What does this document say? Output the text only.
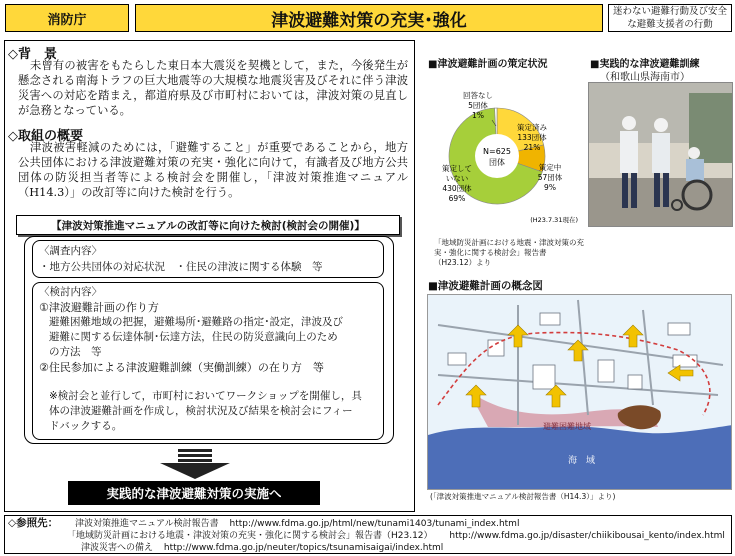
消防庁	津波避難対策の充実･強化	迷わない避難行動及び安全な避難支援者の行動
◇背　景
未曾有の被害をもたらした東日本大震災を契機として，また，今後発生が懸念される南海トラフの巨大地震等の大規模な地震災害及びそれに伴う津波災害への対応を踏まえ，都道府県及び市町村においては，津波対策の見直しが急務となっている。
◇取組の概要
津波被害軽減のためには，「避難すること」が重要であることから，地方公共団体における津波避難対策の充実・強化に向けて，有識者及び地方公共団体の防災担当者等による検討会を開催し，「津波対策推進マニュアル（H14.3）」の改訂等に向けた検討を行う。
【津波対策推進マニュアルの改訂等に向けた検討(検討会の開催)】
〈調査内容〉
・地方公共団体の対応状況　・住民の津波に関する体験　等
〈検討内容〉
①津波避難計画の作り方
避難困難地域の把握，避難場所･避難路の指定･設定，津波及び
避難に関する伝達体制･伝達方法，住民の防災意識向上のため
の方法　等
②住民参加による津波避難訓練（実働訓練）の在り方　等
※検討会と並行して，市町村においてワークショップを開催し，具
体の津波避難計画を作成し，検討状況及び結果を検討会にフィー
ドバックする。
実践的な津波避難対策の実施へ
■津波避難計画の策定状況
N=625
団体
策定済み
133団体
21%
策定中
57団体
9%
策定して
いない
430団体
69%
回答なし
5団体
1%
(H23.7.31現在)
「地域防災計画における地震・津波対策の充実・強化に関する検討会」報告書
（H23.12）より
■実践的な津波避難訓練
（和歌山県海南市）
■津波避難計画の概念図
避難困難地域
海　域
(「津波対策推進マニュアル検討報告書（H14.3）」より)
◇参照先： 津波対策推進マニュアル検討報告書 http://www.fdma.go.jp/html/new/tunami1403/tunami_index.html
「地域防災計画における地震・津波対策の充実・強化に関する検討会」報告書（H23.12） http://www.fdma.go.jp/disaster/chiikibousai_kento/index.html
津波災害への備え http://www.fdma.go.jp/neuter/topics/tsunamisaigai/index.html
